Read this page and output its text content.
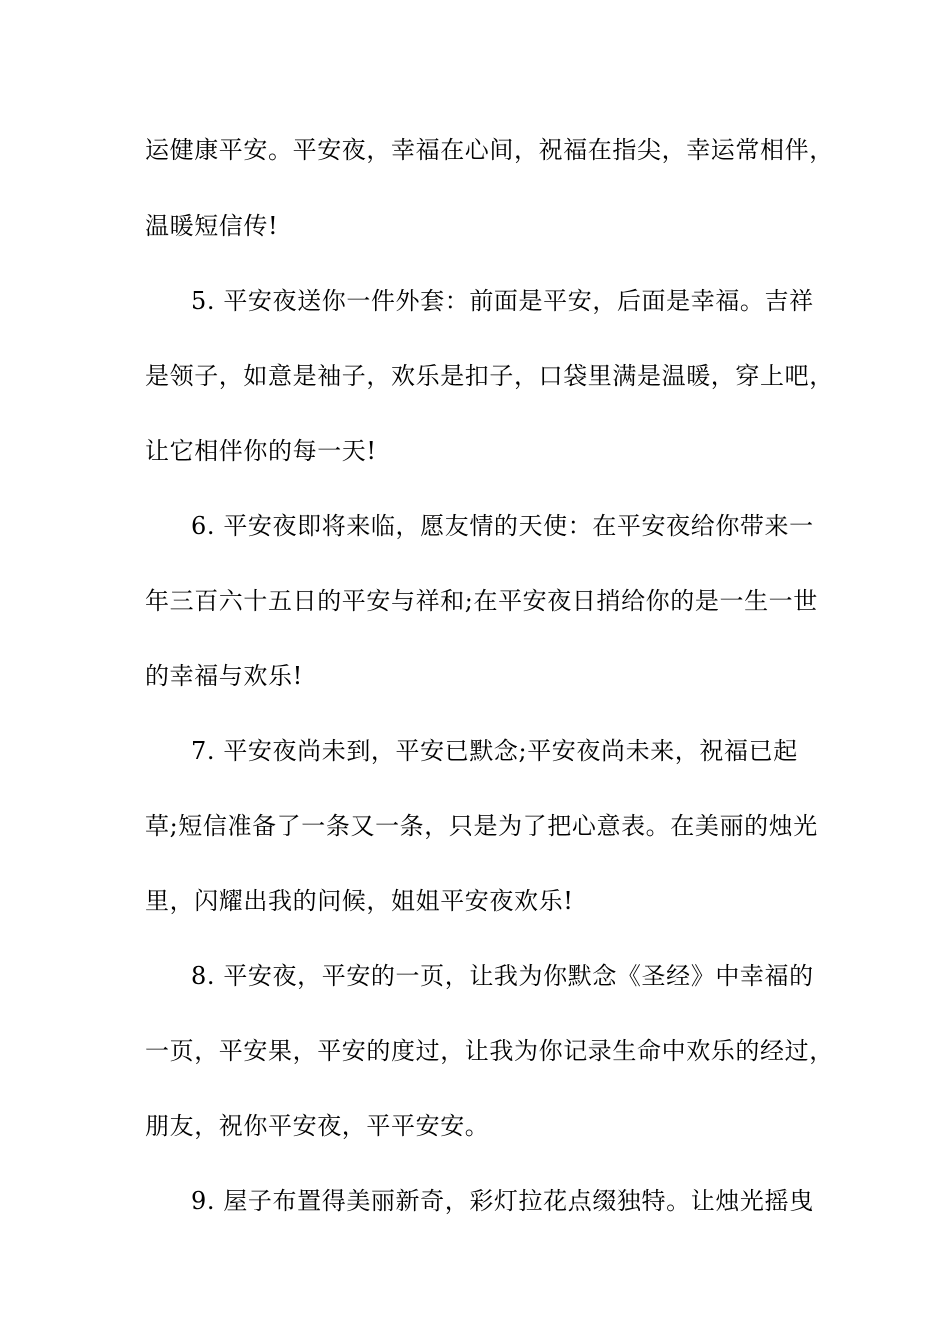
运健康平安。平安夜，幸福在心间，祝福在指尖，幸运常相伴，
温暖短信传!
5. 平安夜送你一件外套：前面是平安，后面是幸福。吉祥
是领子，如意是袖子，欢乐是扣子，口袋里满是温暖，穿上吧，
让它相伴你的每一天!
6. 平安夜即将来临，愿友情的天使：在平安夜给你带来一
年三百六十五日的平安与祥和;在平安夜日捎给你的是一生一世
的幸福与欢乐!
7. 平安夜尚未到，平安已默念;平安夜尚未来，祝福已起
草;短信准备了一条又一条，只是为了把心意表。在美丽的烛光
里，闪耀出我的问候，姐姐平安夜欢乐!
8. 平安夜，平安的一页，让我为你默念《圣经》中幸福的
一页，平安果，平安的度过，让我为你记录生命中欢乐的经过，
朋友，祝你平安夜，平平安安。
9. 屋子布置得美丽新奇，彩灯拉花点缀独特。让烛光摇曳
